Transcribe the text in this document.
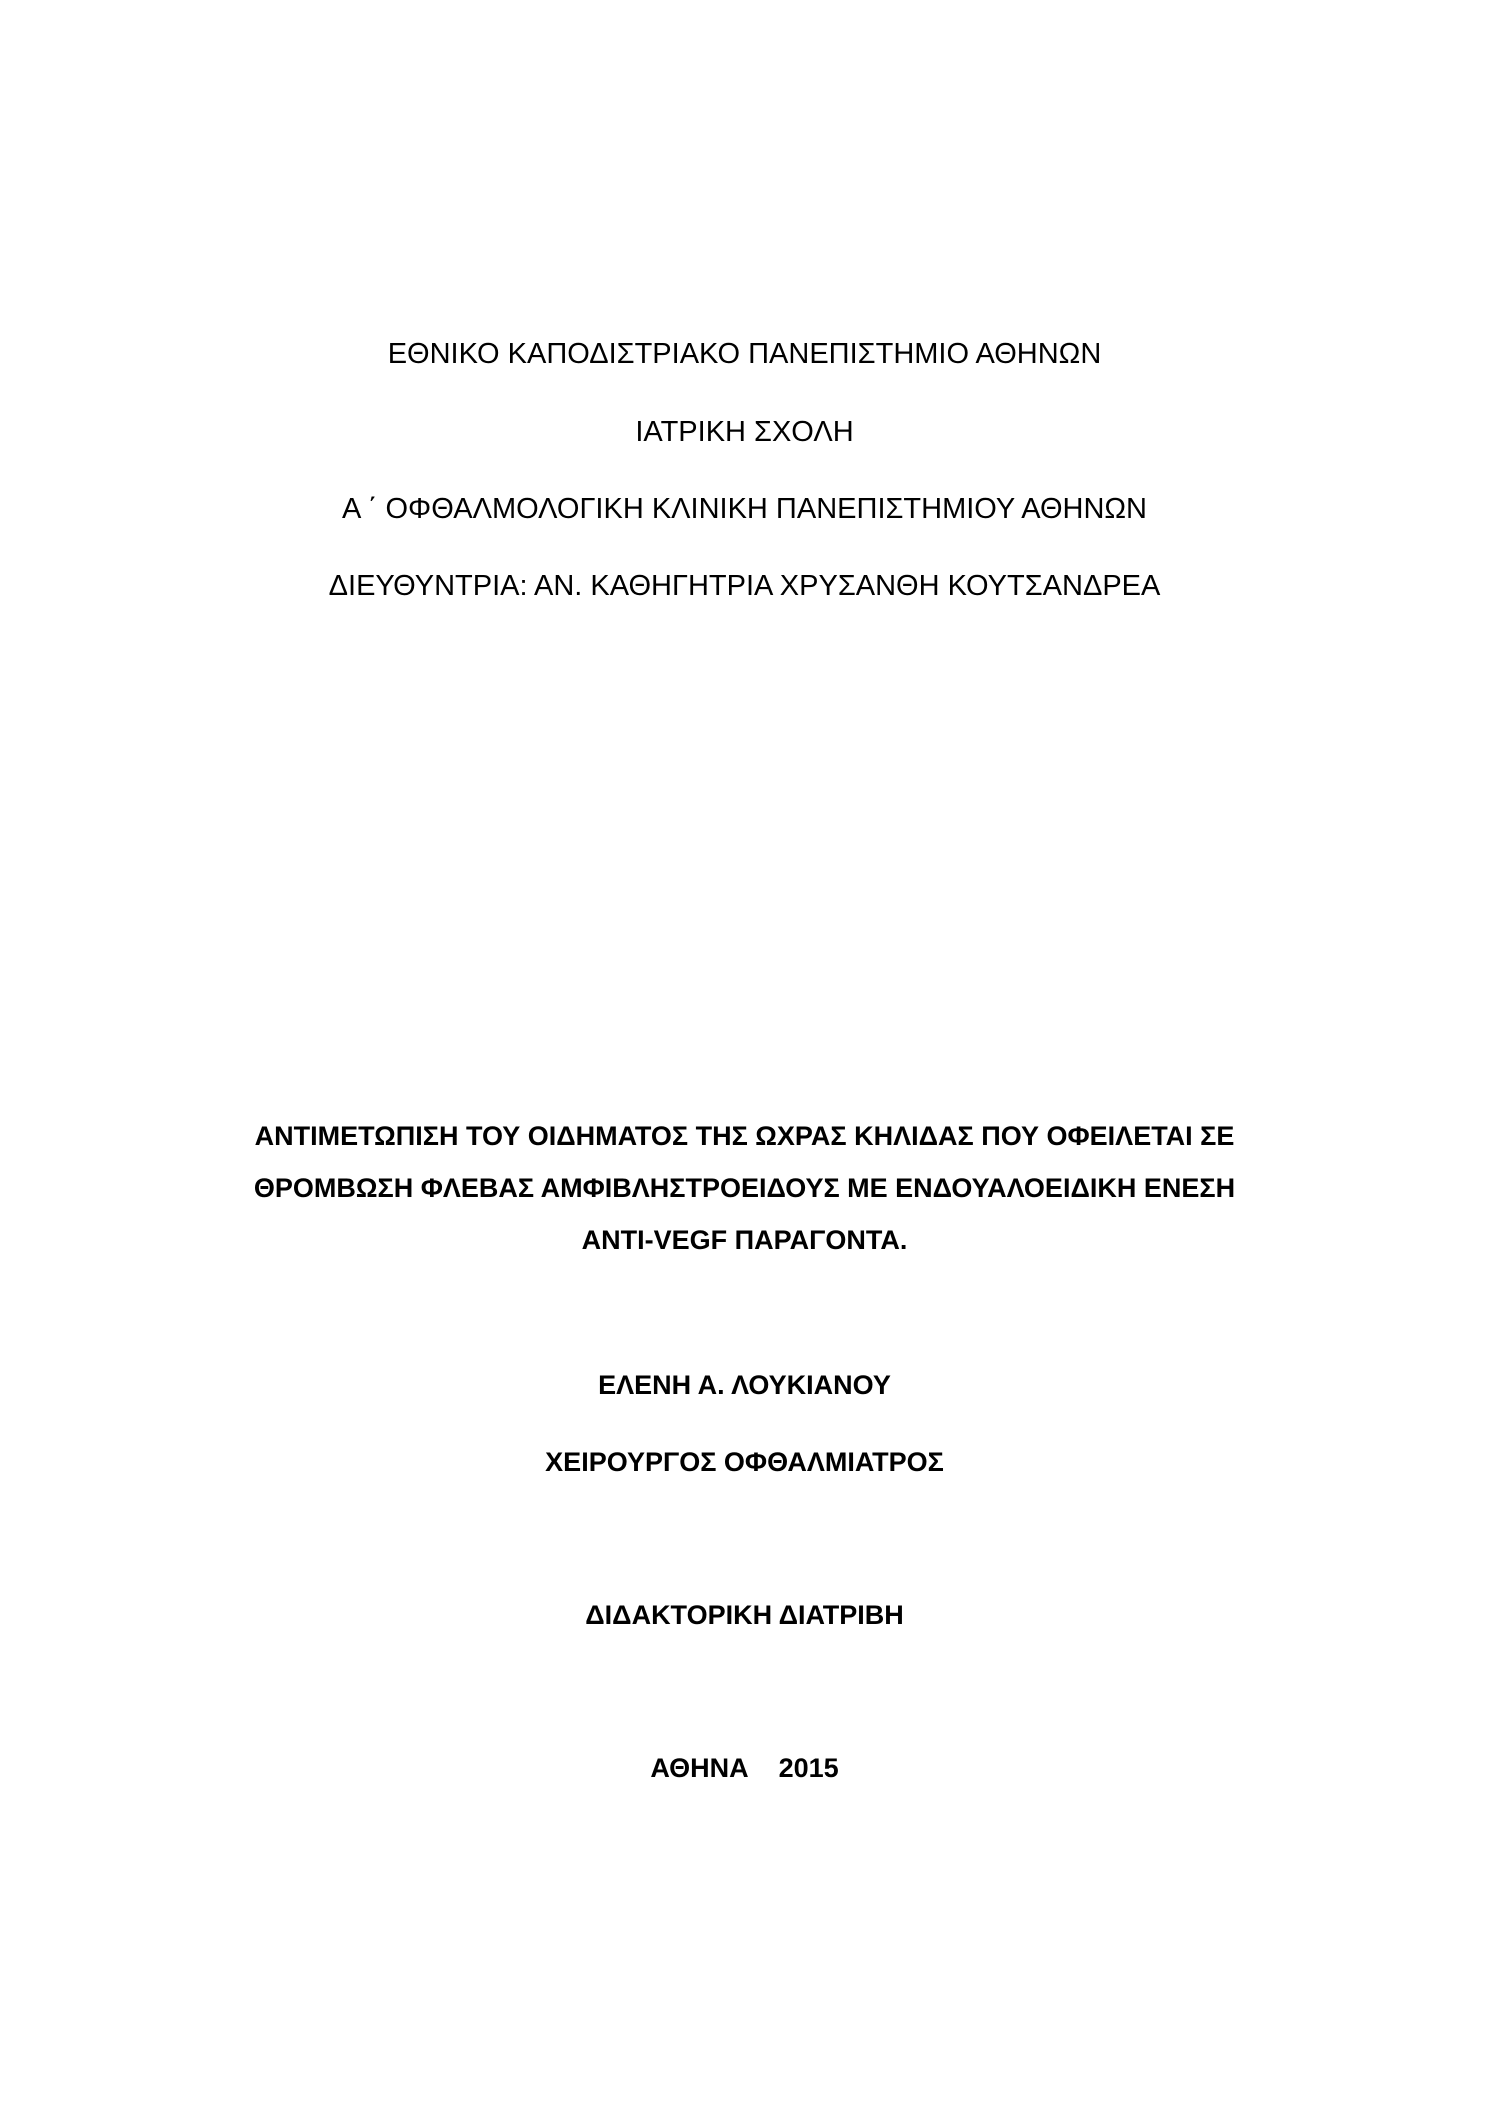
ΕΘΝΙΚΟ ΚΑΠΟΔΙΣΤΡΙΑΚΟ ΠΑΝΕΠΙΣΤΗΜΙΟ ΑΘΗΝΩΝ
ΙΑΤΡΙΚΗ ΣΧΟΛΗ
Α ΄ ΟΦΘΑΛΜΟΛΟΓΙΚΗ ΚΛΙΝΙΚΗ ΠΑΝΕΠΙΣΤΗΜΙΟΥ ΑΘΗΝΩΝ
ΔΙΕΥΘΥΝΤΡΙΑ: ΑΝ. ΚΑΘΗΓΗΤΡΙΑ ΧΡΥΣΑΝΘΗ ΚΟΥΤΣΑΝΔΡΕΑ
ΑΝΤΙΜΕΤΩΠΙΣΗ ΤΟΥ ΟΙΔΗΜΑΤΟΣ ΤΗΣ ΩΧΡΑΣ ΚΗΛΙΔΑΣ ΠΟΥ ΟΦΕΙΛΕΤΑΙ ΣΕ
ΘΡΟΜΒΩΣΗ ΦΛΕΒΑΣ ΑΜΦΙΒΛΗΣΤΡΟΕΙΔΟΥΣ ΜΕ ΕΝΔΟΥΑΛΟΕΙΔΙΚΗ ΕΝΕΣΗ
ANTI-VEGF ΠΑΡΑΓΟΝΤΑ.
ΕΛΕΝΗ Α. ΛΟΥΚΙΑΝΟΥ
ΧΕΙΡΟΥΡΓΟΣ ΟΦΘΑΛΜΙΑΤΡΟΣ
ΔΙΔΑΚΤΟΡΙΚΗ ΔΙΑΤΡΙΒΗ
ΑΘΗΝΑ    2015
